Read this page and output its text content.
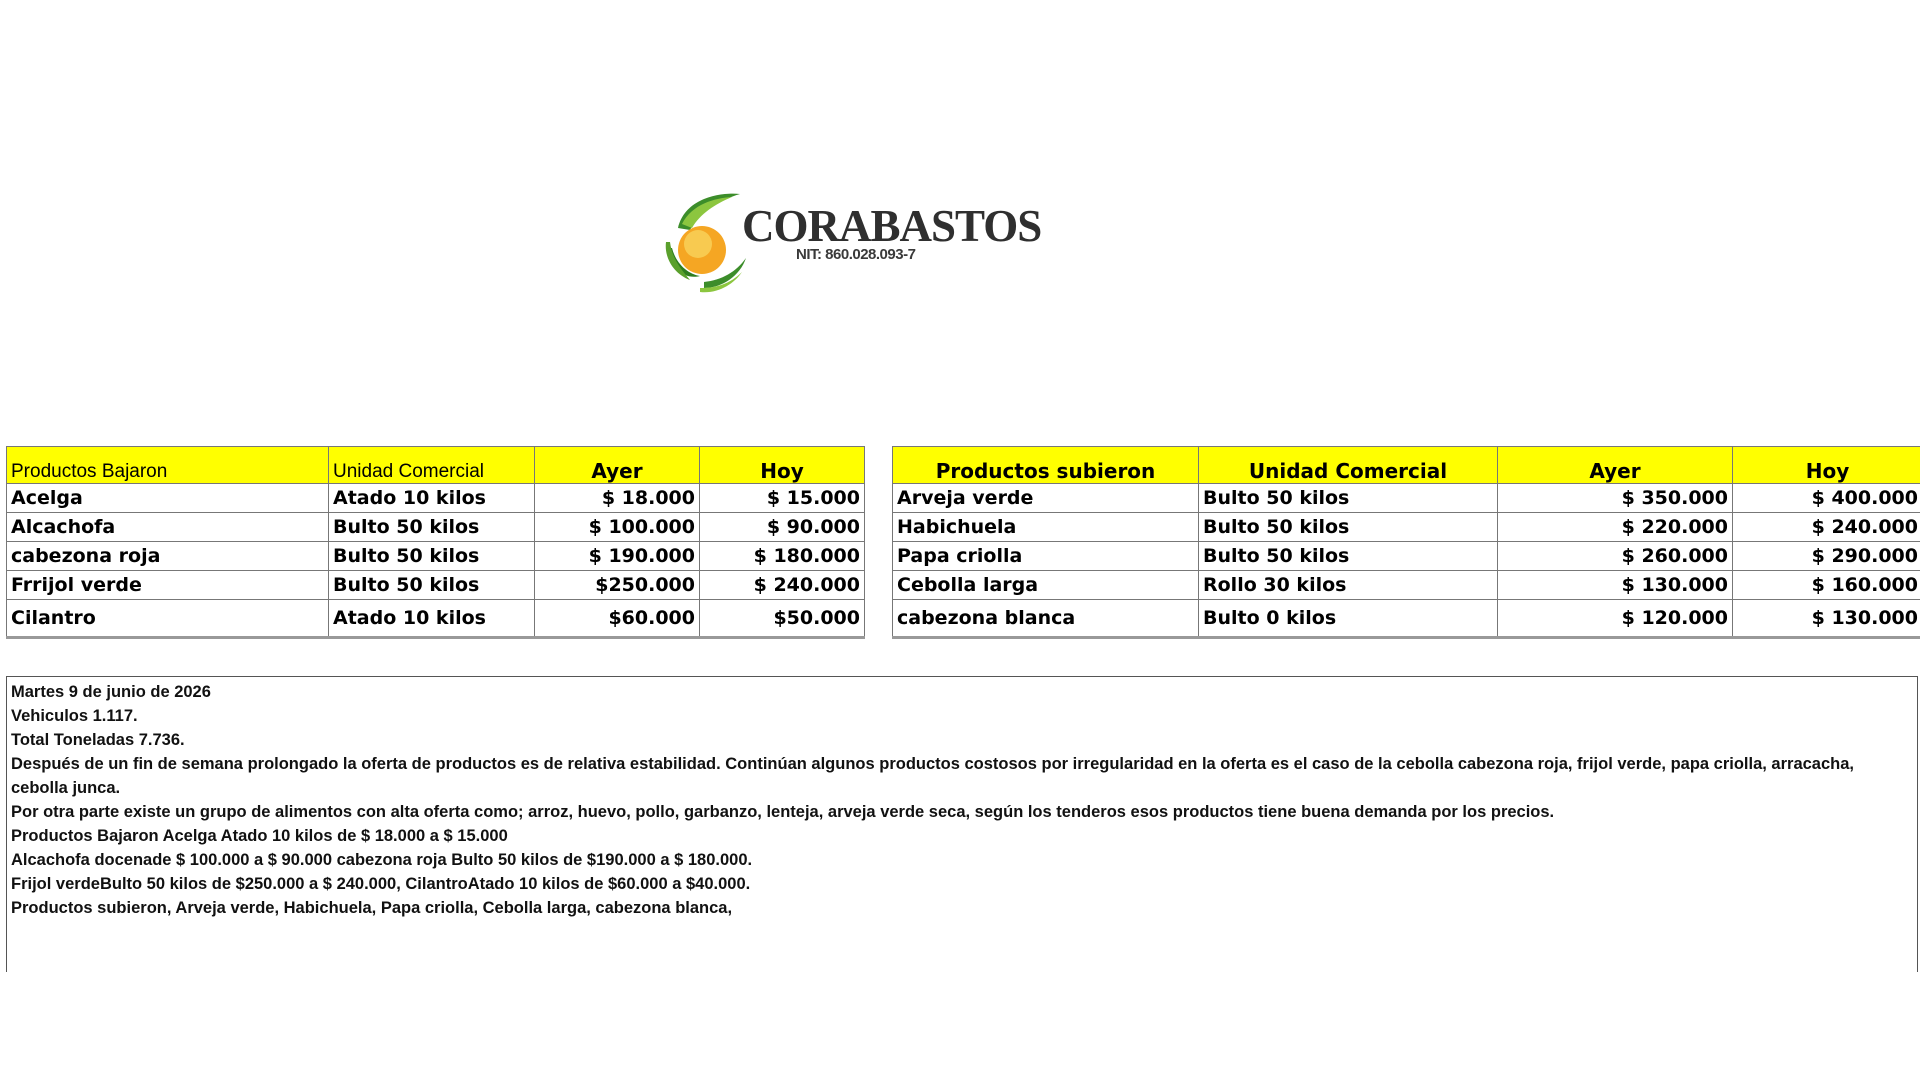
CORABASTOS
NIT: 860.028.093-7
Productos Bajaron	Unidad Comercial	Ayer	Hoy
Acelga	Atado 10 kilos	$ 18.000	$ 15.000
Alcachofa	Bulto 50 kilos	$ 100.000	$ 90.000
cabezona roja	Bulto 50 kilos	$ 190.000	$ 180.000
Frrijol verde	Bulto 50 kilos	$250.000	$ 240.000
Cilantro	Atado 10 kilos	$60.000	$50.000
Productos subieron	Unidad Comercial	Ayer	Hoy
Arveja verde	Bulto 50 kilos	$ 350.000	$ 400.000
Habichuela	Bulto 50 kilos	$ 220.000	$ 240.000
Papa criolla	Bulto 50 kilos	$ 260.000	$ 290.000
Cebolla larga	Rollo 30 kilos	$ 130.000	$ 160.000
cabezona blanca	Bulto 0 kilos	$ 120.000	$ 130.000

Martes 9 de junio de 2026

Vehiculos 1.117.

Total Toneladas 7.736.

Después de un fin de semana prolongado la oferta de productos es de relativa estabilidad. Continúan algunos productos costosos por irregularidad en la oferta es el caso de la cebolla cabezona roja, frijol verde, papa criolla, arracacha, cebolla junca.

Por otra parte existe un grupo de alimentos con alta oferta como; arroz, huevo, pollo, garbanzo, lenteja, arveja verde seca, según los tenderos esos productos tiene buena demanda por los precios.

Productos Bajaron Acelga Atado 10 kilos de $ 18.000 a $ 15.000

Alcachofa docenade $ 100.000 a $ 90.000 cabezona roja Bulto 50 kilos de $190.000 a $ 180.000.

Frijol verdeBulto 50 kilos de $250.000 a $ 240.000, CilantroAtado 10 kilos de $60.000 a $40.000.

Productos subieron, Arveja verde, Habichuela, Papa criolla, Cebolla larga, cabezona blanca,
